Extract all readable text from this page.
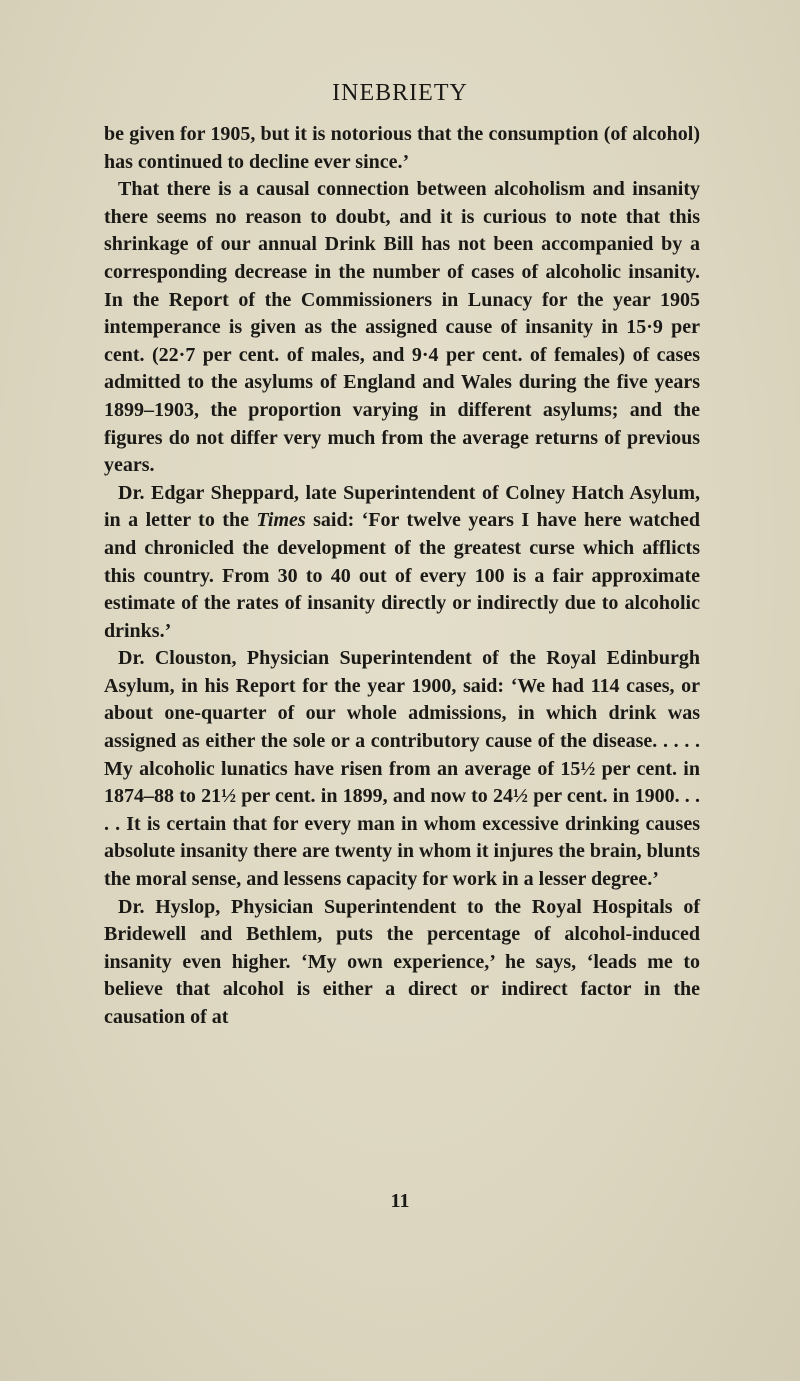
INEBRIETY

be given for 1905, but it is notorious that the consumption (of alcohol) has continued to decline ever since.’

That there is a causal connection between alcoholism and insanity there seems no reason to doubt, and it is curious to note that this shrinkage of our annual Drink Bill has not been accompanied by a corresponding decrease in the number of cases of alcoholic insanity. In the Report of the Commissioners in Lunacy for the year 1905 intemperance is given as the assigned cause of insanity in 15·9 per cent. (22·7 per cent. of males, and 9·4 per cent. of females) of cases admitted to the asylums of England and Wales during the five years 1899–1903, the proportion varying in different asylums; and the figures do not differ very much from the average returns of previous years.

Dr. Edgar Sheppard, late Superintendent of Colney Hatch Asylum, in a letter to the Times said: ‘For twelve years I have here watched and chronicled the development of the greatest curse which afflicts this country. From 30 to 40 out of every 100 is a fair approximate estimate of the rates of insanity directly or indirectly due to alcoholic drinks.’

Dr. Clouston, Physician Superintendent of the Royal Edinburgh Asylum, in his Report for the year 1900, said: ‘We had 114 cases, or about one-quarter of our whole admissions, in which drink was assigned as either the sole or a contributory cause of the disease. . . . . My alcoholic lunatics have risen from an average of 15½ per cent. in 1874–88 to 21½ per cent. in 1899, and now to 24½ per cent. in 1900. . . . . It is certain that for every man in whom excessive drinking causes absolute insanity there are twenty in whom it injures the brain, blunts the moral sense, and lessens capacity for work in a lesser degree.’

Dr. Hyslop, Physician Superintendent to the Royal Hospitals of Bridewell and Bethlem, puts the percentage of alcohol-induced insanity even higher. ‘My own experience,’ he says, ‘leads me to believe that alcohol is either a direct or indirect factor in the causation of at

11
